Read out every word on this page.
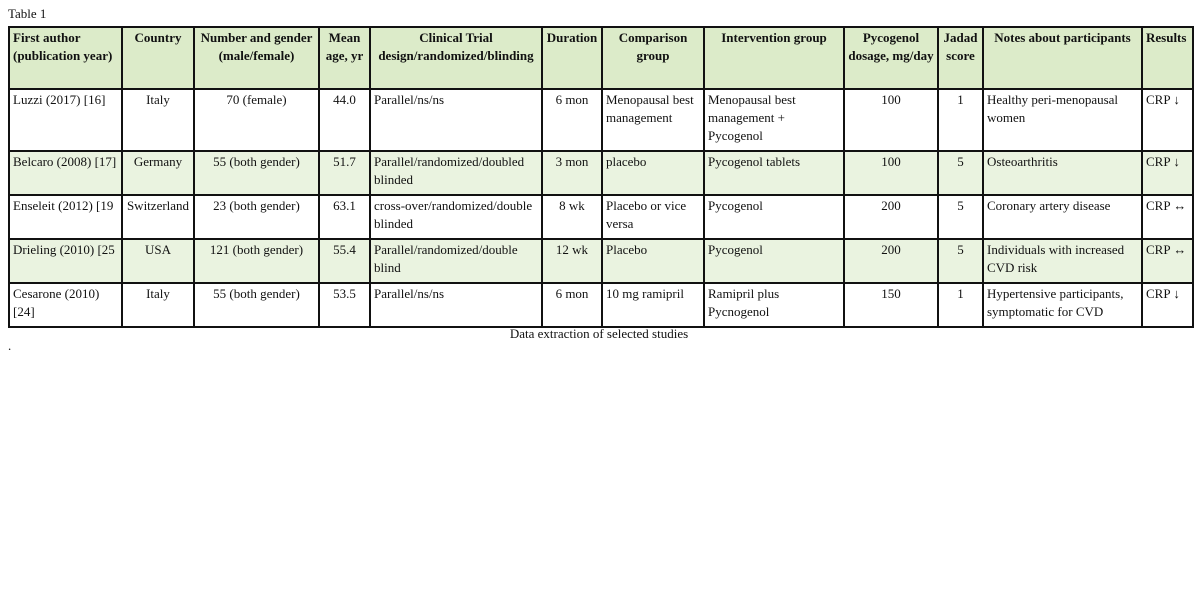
Table 1
First author (publication year)	Country	Number and gender (male/female)	Mean age, yr	Clinical Trial design/randomized/blinding	Duration	Comparison group	Intervention group	Pycogenol dosage, mg/day	Jadad score	Notes about participants	Results
Luzzi (2017) [16]	Italy	70 (female)	44.0	Parallel/ns/ns	6 mon	Menopausal best management	Menopausal best management + Pycogenol	100	1	Healthy peri-menopausal women	CRP ↓
Belcaro (2008) [17]	Germany	55 (both gender)	51.7	Parallel/randomized/doubled blinded	3 mon	placebo	Pycogenol tablets	100	5	Osteoarthritis	CRP ↓
Enseleit (2012) [19	Switzerland	23 (both gender)	63.1	cross-over/randomized/double blinded	8 wk	Placebo or vice versa	Pycogenol	200	5	Coronary artery disease	CRP ↔
Drieling (2010) [25	USA	121 (both gender)	55.4	Parallel/randomized/double blind	12 wk	Placebo	Pycogenol	200	5	Individuals with increased CVD risk	CRP ↔
Cesarone (2010) [24]	Italy	55 (both gender)	53.5	Parallel/ns/ns	6 mon	10 mg ramipril	Ramipril plus Pycnogenol	150	1	Hypertensive participants, symptomatic for CVD	CRP ↓
Data extraction of selected studies
.
